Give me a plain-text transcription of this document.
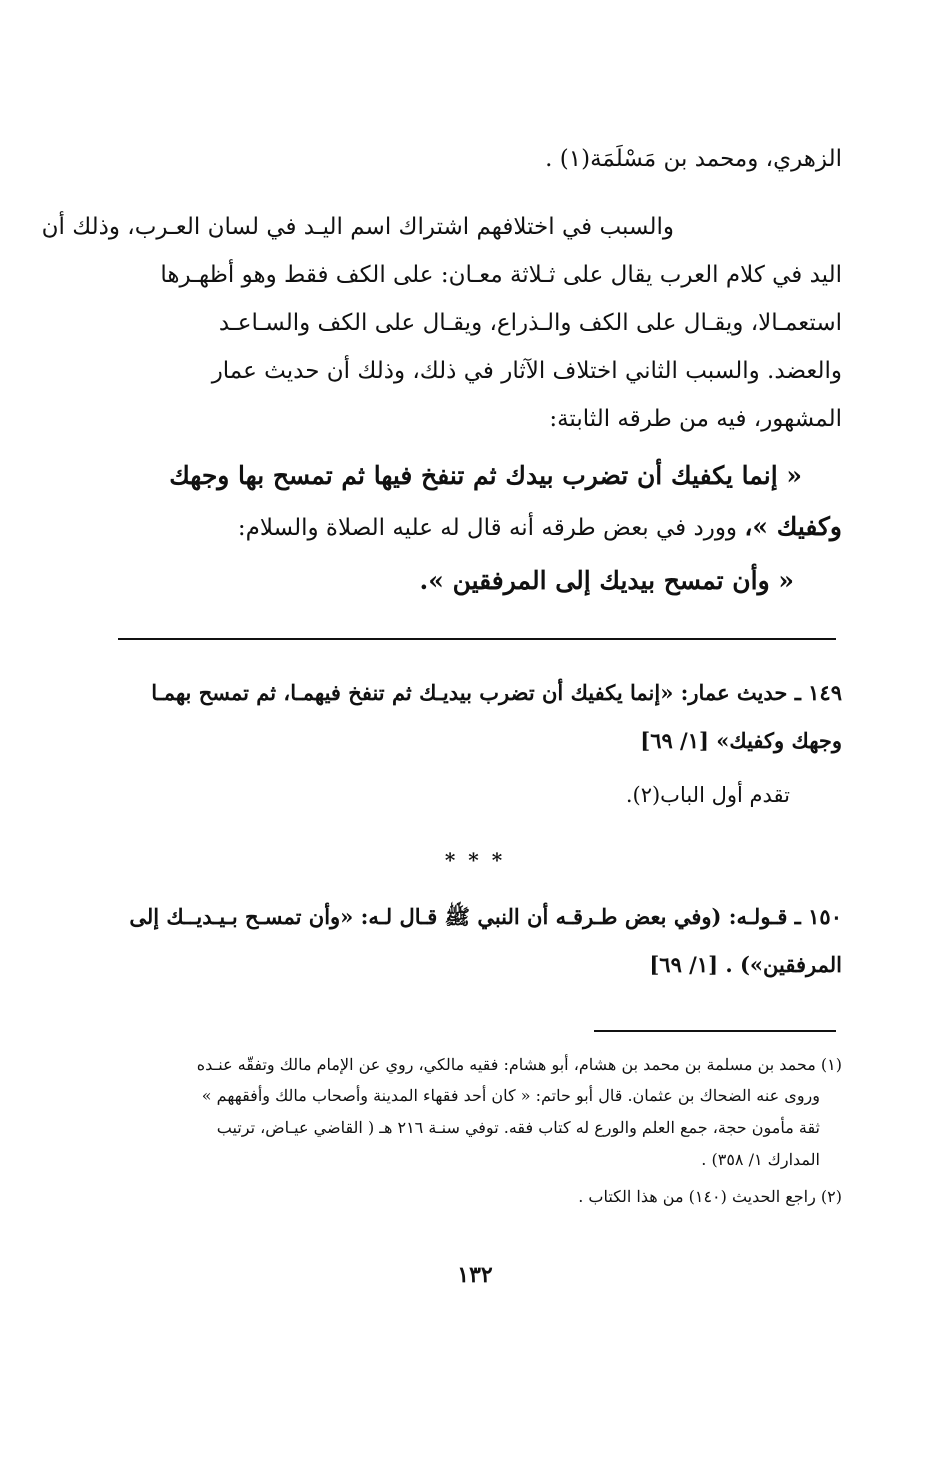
الزهري، ومحمد بن مَسْلَمَة(١) .
والسبب في اختلافهم اشتراك اسم اليـد في لسان العـرب، وذلك أن
اليد في كلام العرب يقال على ثـلاثة معـان: على الكف فقط وهو أظهـرها
استعمـالا، ويقـال على الكف والـذراع، ويقـال على الكف والسـاعـد
والعضد. والسبب الثاني اختلاف الآثار في ذلك، وذلك أن حديث عمار
المشهور، فيه من طرقه الثابتة:
« إنما يكفيك أن تضرب بيدك ثم تنفخ فيها ثم تمسح بها وجهك
وكفيك »، وورد في بعض طرقه أنه قال له عليه الصلاة والسلام:
« وأن تمسح بيديك إلى المرفقين ».
١٤٩ ـ حديث عمار: «إنما يكفيك أن تضرب بيديـك ثم تنفخ فيهمـا، ثم تمسح بهمـا
وجهك وكفيك» [١/ ٦٩]
تقدم أول الباب(٢).
* * *
١٥٠ ـ قـولـه: (وفي بعض طـرقـه أن النبي ﷺ قـال لـه: «وأن تمسـح بـيـديــك إلى
المرفقين») . [١/ ٦٩]
(١) محمد بن مسلمة بن محمد بن هشام، أبو هشام: فقيه مالكي، روي عن الإمام مالك وتفقّه عنـده
وروى عنه الضحاك بن عثمان. قال أبو حاتم: « كان أحد فقهاء المدينة وأصحاب مالك وأفقههم »
ثقة مأمون حجة، جمع العلم والورع له كتاب فقه. توفي سنـة ٢١٦ هـ ( القاضي عيـاض، ترتيب
المدارك ١/ ٣٥٨) .
(٢) راجع الحديث (١٤٠) من هذا الكتاب .
١٣٢
